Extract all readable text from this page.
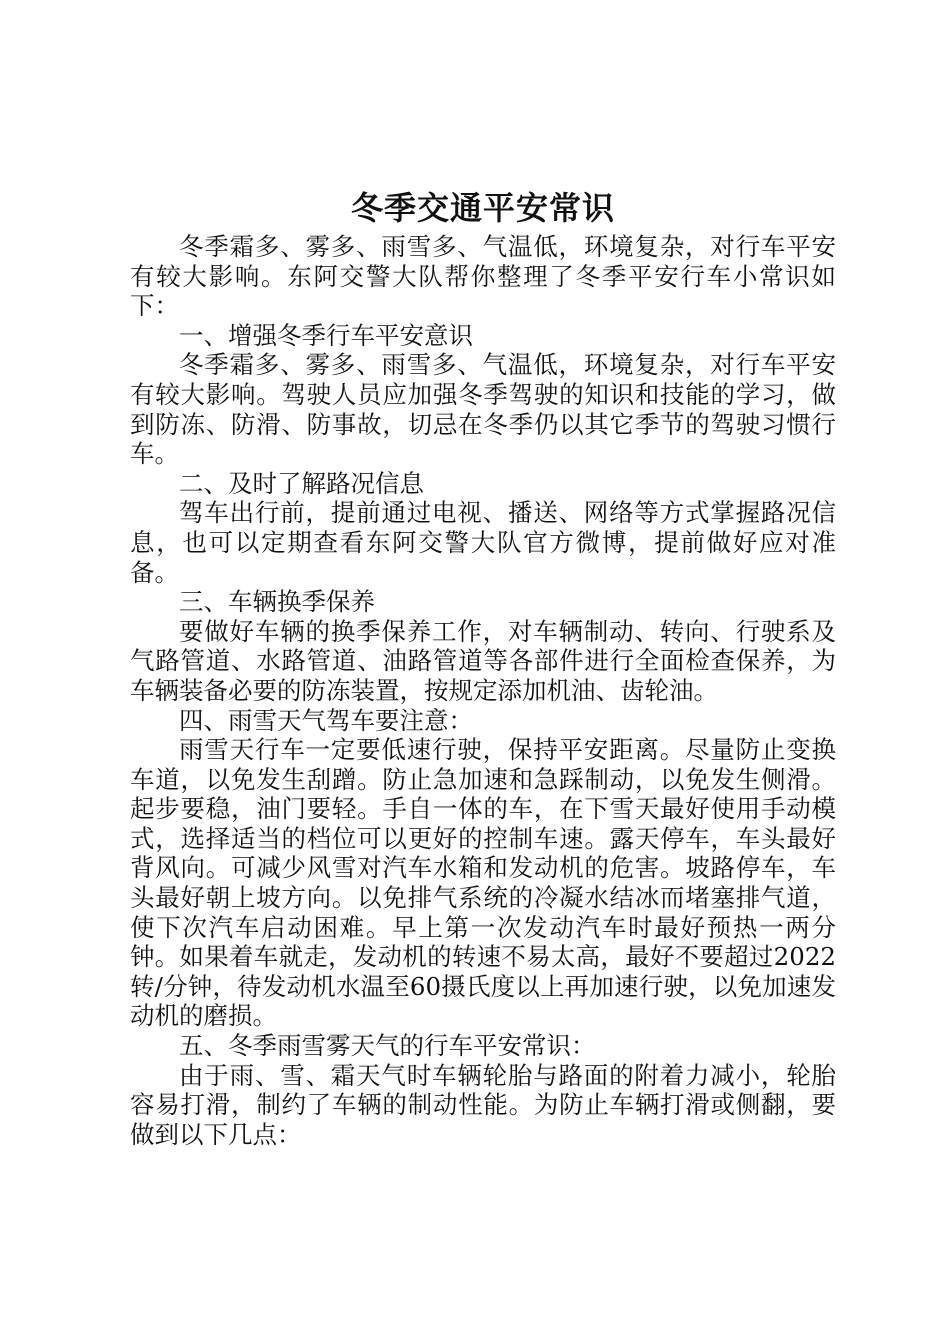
冬季交通平安常识

冬季霜多、雾多、雨雪多、气温低，环境复杂，对行车平安有较大影响。东阿交警大队帮你整理了冬季平安行车小常识如下：

一、增强冬季行车平安意识

冬季霜多、雾多、雨雪多、气温低，环境复杂，对行车平安有较大影响。驾驶人员应加强冬季驾驶的知识和技能的学习，做到防冻、防滑、防事故，切忌在冬季仍以其它季节的驾驶习惯行车。

二、及时了解路况信息

驾车出行前，提前通过电视、播送、网络等方式掌握路况信息，也可以定期查看东阿交警大队官方微博，提前做好应对准备。

三、车辆换季保养

要做好车辆的换季保养工作，对车辆制动、转向、行驶系及气路管道、水路管道、油路管道等各部件进行全面检查保养，为车辆装备必要的防冻装置，按规定添加机油、齿轮油。

四、雨雪天气驾车要注意：

雨雪天行车一定要低速行驶，保持平安距离。尽量防止变换车道，以免发生刮蹭。防止急加速和急踩制动，以免发生侧滑。起步要稳，油门要轻。手自一体的车，在下雪天最好使用手动模式，选择适当的档位可以更好的控制车速。露天停车，车头最好背风向。可减少风雪对汽车水箱和发动机的危害。坡路停车，车头最好朝上坡方向。以免排气系统的冷凝水结冰而堵塞排气道，使下次汽车启动困难。早上第一次发动汽车时最好预热一两分钟。如果着车就走，发动机的转速不易太高，最好不要超过2022转/分钟，待发动机水温至60摄氏度以上再加速行驶，以免加速发动机的磨损。

五、冬季雨雪雾天气的行车平安常识：

由于雨、雪、霜天气时车辆轮胎与路面的附着力减小，轮胎容易打滑，制约了车辆的制动性能。为防止车辆打滑或侧翻，要做到以下几点：
